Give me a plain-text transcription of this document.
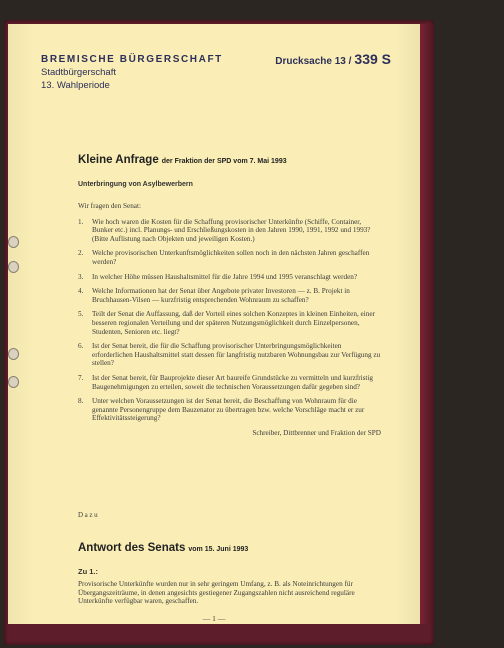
BREMISCHE BÜRGERSCHAFT
Stadtbürgerschaft
13. Wahlperiode
Drucksache 13 / 339 S
Kleine Anfrage der Fraktion der SPD vom 7. Mai 1993
Unterbringung von Asylbewerbern
Wir fragen den Senat:
1.	Wie hoch waren die Kosten für die Schaffung provisorischer Unterkünfte (Schiffe, Container, Bunker etc.) incl. Planungs- und Erschließungskosten in den Jahren 1990, 1991, 1992 und 1993? (Bitte Auflistung nach Objekten und jeweiligen Kosten.)
2.	Welche provisorischen Unterkunftsmöglichkeiten sollen noch in den nächsten Jahren geschaffen werden?
3.	In welcher Höhe müssen Haushaltsmittel für die Jahre 1994 und 1995 veranschlagt werden?
4.	Welche Informationen hat der Senat über Angebote privater Investoren — z. B. Projekt in Bruchhausen-Vilsen — kurzfristig entsprechenden Wohnraum zu schaffen?
5.	Teilt der Senat die Auffassung, daß der Vorteil eines solchen Konzeptes in kleinen Einheiten, einer besseren regionalen Verteilung und der späteren Nutzungsmöglichkeit durch Einzelpersonen, Studenten, Senioren etc. liegt?
6.	Ist der Senat bereit, die für die Schaffung provisorischer Unterbringungsmöglichkeiten erforderlichen Haushaltsmittel statt dessen für langfristig nutzbaren Wohnungsbau zur Verfügung zu stellen?
7.	Ist der Senat bereit, für Bauprojekte dieser Art baureife Grundstücke zu vermitteln und kurzfristig Baugenehmigungen zu erteilen, soweit die technischen Voraussetzungen dafür gegeben sind?
8.	Unter welchen Voraussetzungen ist der Senat bereit, die Beschaffung von Wohnraum für die genannte Personengruppe dem Bauzenator zu übertragen bzw. welche Vorschläge macht er zur Effektivitätssteigerung?
Schreiber, Dittbrenner und Fraktion der SPD
Dazu
Antwort des Senats vom 15. Juni 1993
Zu 1.:
Provisorische Unterkünfte wurden nur in sehr geringem Umfang, z. B. als Noteinrichtungen für Übergangszeiträume, in denen angesichts gestiegener Zugangszahlen nicht ausreichend reguläre Unterkünfte verfügbar waren, geschaffen.
— 1 —
